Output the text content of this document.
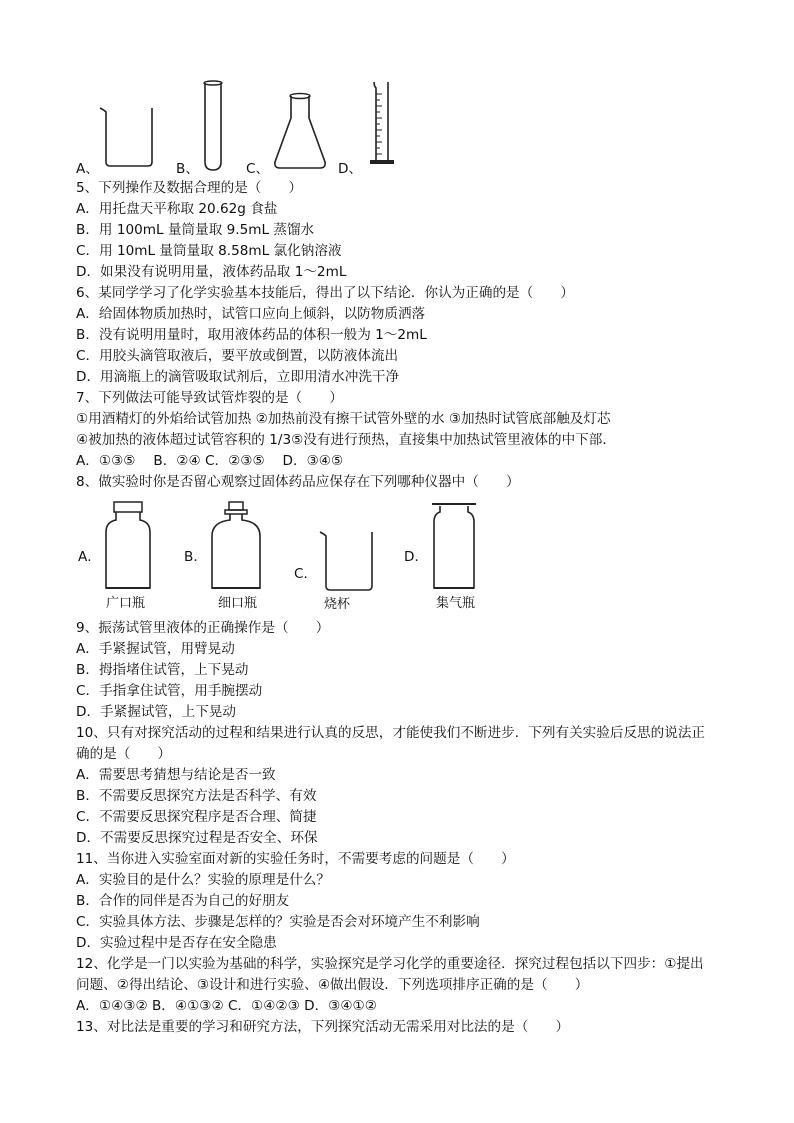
A、	B、	C、	D、
5、下列操作及数据合理的是（　　）
A．用托盘天平称取 20.62g 食盐
B．用 100mL 量筒量取 9.5mL 蒸馏水
C．用 10mL 量筒量取 8.58mL 氯化钠溶液
D．如果没有说明用量，液体药品取 1～2mL
6、某同学学习了化学实验基本技能后，得出了以下结论．你认为正确的是（　　）
A．给固体物质加热时，试管口应向上倾斜，以防物质洒落
B．没有说明用量时，取用液体药品的体积一般为 1～2mL
C．用胶头滴管取液后，要平放或倒置，以防液体流出
D．用滴瓶上的滴管吸取试剂后，立即用清水冲洗干净
7、下列做法可能导致试管炸裂的是（　　）
①用酒精灯的外焰给试管加热 ②加热前没有擦干试管外壁的水 ③加热时试管底部触及灯芯
④被加热的液体超过试管容积的 1/3⑤没有进行预热，直接集中加热试管里液体的中下部．
A．①③⑤　 B．②④ C．②③⑤　 D．③④⑤
8、做实验时你是否留心观察过固体药品应保存在下列哪种仪器中（　　）
A．
广口瓶
B．
细口瓶
C．
烧杯
D．
集气瓶
9、振荡试管里液体的正确操作是（　　）
A．手紧握试管，用臂晃动
B．拇指堵住试管，上下晃动
C．手指拿住试管，用手腕摆动
D．手紧握试管，上下晃动
10、只有对探究活动的过程和结果进行认真的反思，才能使我们不断进步．下列有关实验后反思的说法正
确的是（　　）
A．需要思考猜想与结论是否一致
B．不需要反思探究方法是否科学、有效
C．不需要反思探究程序是否合理、简捷
D．不需要反思探究过程是否安全、环保
11、当你进入实验室面对新的实验任务时，不需要考虑的问题是（　　）
A．实验目的是什么？实验的原理是什么？
B．合作的同伴是否为自己的好朋友
C．实验具体方法、步骤是怎样的？实验是否会对环境产生不利影响
D．实验过程中是否存在安全隐患
12、化学是一门以实验为基础的科学，实验探究是学习化学的重要途径．探究过程包括以下四步：①提出
问题、②得出结论、③设计和进行实验、④做出假设．下列选项排序正确的是（　　）
A．①④③② B．④①③② C．①④②③ D．③④①②
13、对比法是重要的学习和研究方法，下列探究活动无需采用对比法的是（　　）
